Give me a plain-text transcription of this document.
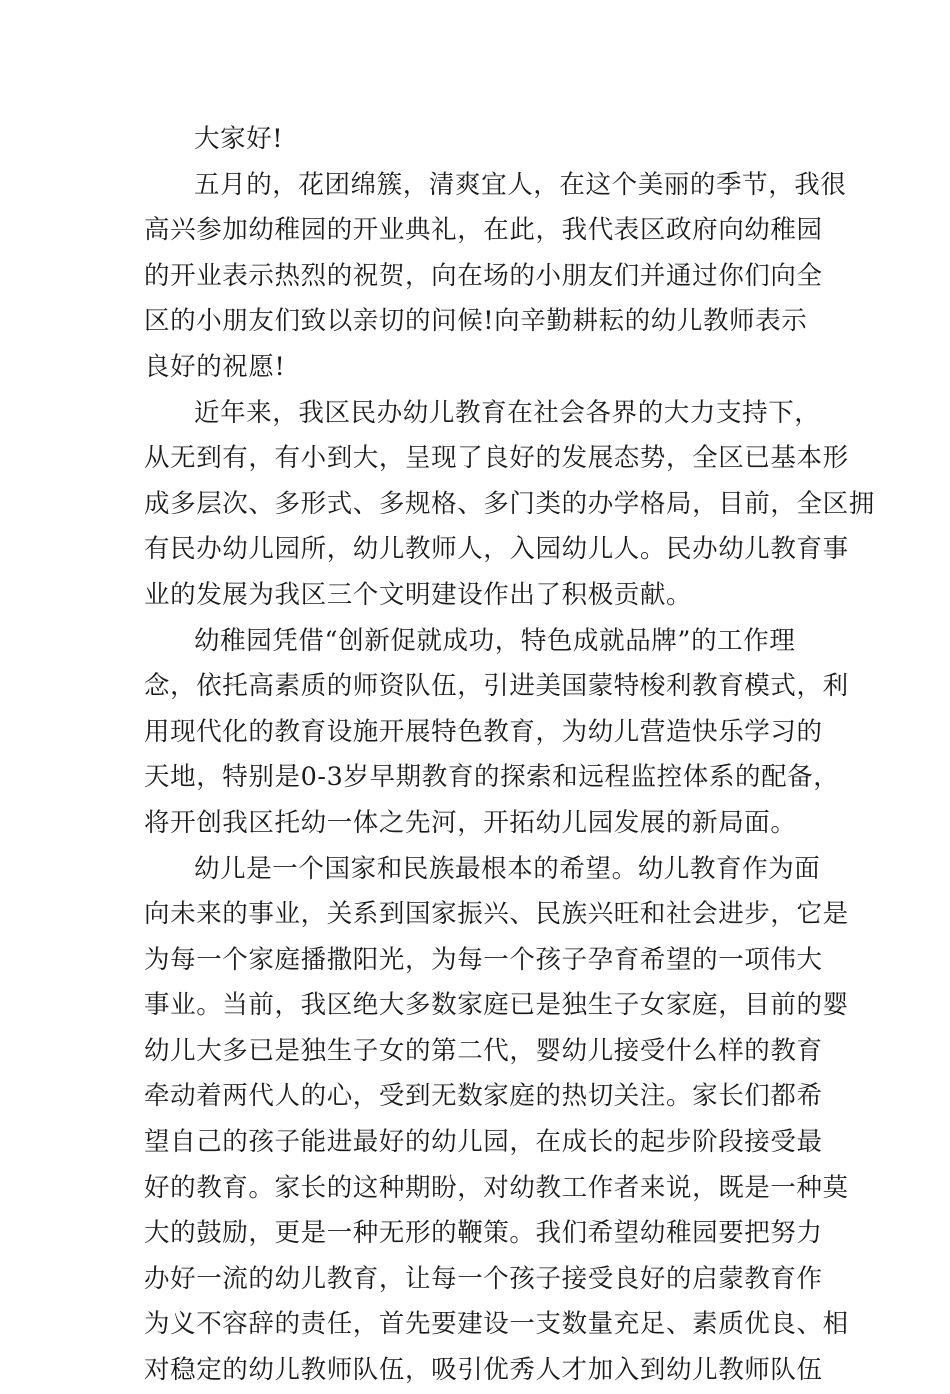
大家好!
五月的，花团绵簇，清爽宜人，在这个美丽的季节，我很
高兴参加幼稚园的开业典礼，在此，我代表区政府向幼稚园
的开业表示热烈的祝贺，向在场的小朋友们并通过你们向全
区的小朋友们致以亲切的问候!向辛勤耕耘的幼儿教师表示
良好的祝愿!
近年来，我区民办幼儿教育在社会各界的大力支持下，
从无到有，有小到大，呈现了良好的发展态势，全区已基本形
成多层次、多形式、多规格、多门类的办学格局，目前，全区拥
有民办幼儿园所，幼儿教师人，入园幼儿人。民办幼儿教育事
业的发展为我区三个文明建设作出了积极贡献。
幼稚园凭借“创新促就成功，特色成就品牌”的工作理
念，依托高素质的师资队伍，引进美国蒙特梭利教育模式，利
用现代化的教育设施开展特色教育，为幼儿营造快乐学习的
天地，特别是0-3岁早期教育的探索和远程监控体系的配备，
将开创我区托幼一体之先河，开拓幼儿园发展的新局面。
幼儿是一个国家和民族最根本的希望。幼儿教育作为面
向未来的事业，关系到国家振兴、民族兴旺和社会进步，它是
为每一个家庭播撒阳光，为每一个孩子孕育希望的一项伟大
事业。当前，我区绝大多数家庭已是独生子女家庭，目前的婴
幼儿大多已是独生子女的第二代，婴幼儿接受什么样的教育
牵动着两代人的心，受到无数家庭的热切关注。家长们都希
望自己的孩子能进最好的幼儿园，在成长的起步阶段接受最
好的教育。家长的这种期盼，对幼教工作者来说，既是一种莫
大的鼓励，更是一种无形的鞭策。我们希望幼稚园要把努力
办好一流的幼儿教育，让每一个孩子接受良好的启蒙教育作
为义不容辞的责任，首先要建设一支数量充足、素质优良、相
对稳定的幼儿教师队伍，吸引优秀人才加入到幼儿教师队伍
